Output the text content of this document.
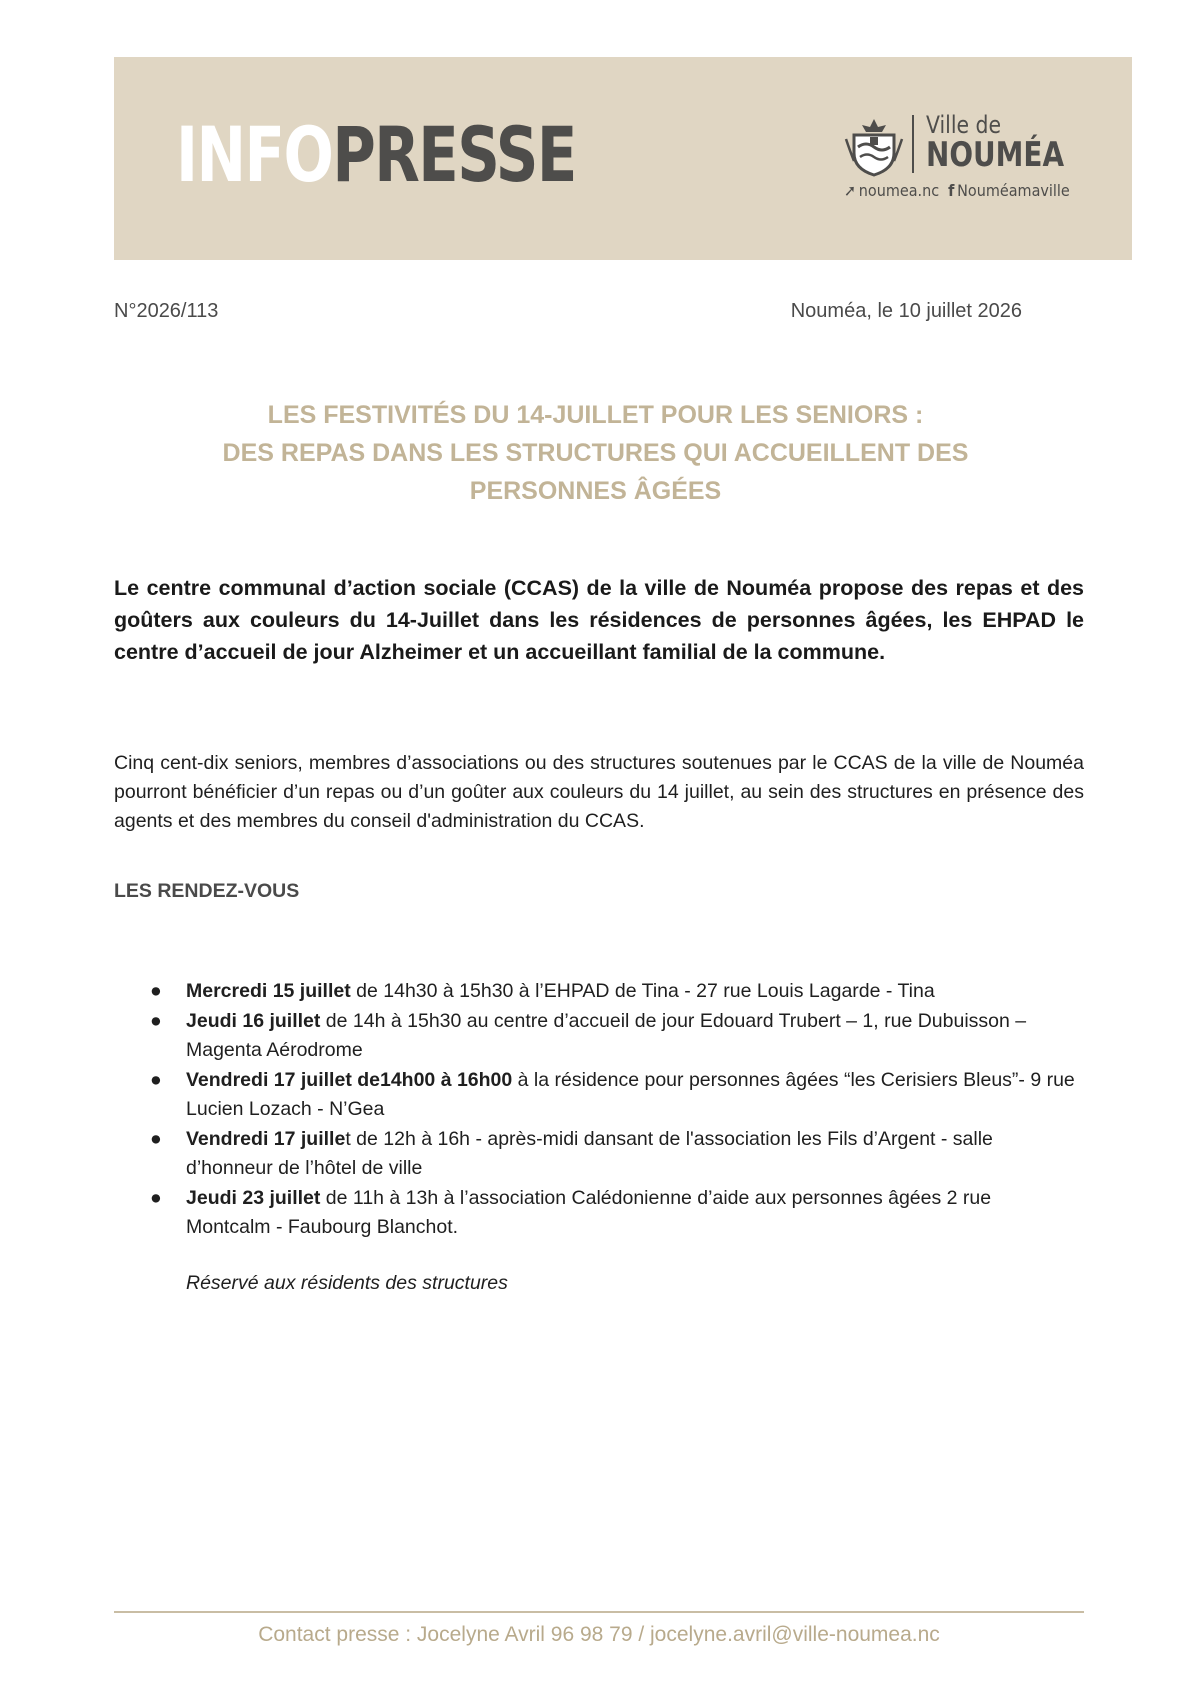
INFOPRESSE	Ville de
NOUMÉA
➚ noumea.nc f Nouméamaville
N°2026/113	Nouméa, le 10 juillet 2026
LES FESTIVITÉS DU 14-JUILLET POUR LES SENIORS :
DES REPAS DANS LES STRUCTURES QUI ACCUEILLENT DES
PERSONNES ÂGÉES
Le centre communal d’action sociale (CCAS) de la ville de Nouméa propose des repas et des goûters aux couleurs du 14-Juillet dans les résidences de personnes âgées, les EHPAD le centre d’accueil de jour Alzheimer et un accueillant familial de la commune.
Cinq cent-dix seniors, membres d’associations ou des structures soutenues par le CCAS de la ville de Nouméa pourront bénéficier d’un repas ou d’un goûter aux couleurs du 14 juillet, au sein des structures en présence des agents et des membres du conseil d'administration du CCAS.
LES RENDEZ-VOUS
● Mercredi 15 juillet de 14h30 à 15h30 à l’EHPAD de Tina - 27 rue Louis Lagarde - Tina
● Jeudi 16 juillet de 14h à 15h30 au centre d’accueil de jour Edouard Trubert – 1, rue Dubuisson – Magenta Aérodrome
● Vendredi 17 juillet de14h00 à 16h00 à la résidence pour personnes âgées “les Cerisiers Bleus”- 9 rue Lucien Lozach - N’Gea
● Vendredi 17 juillet de 12h à 16h - après-midi dansant de l'association les Fils d’Argent - salle d’honneur de l’hôtel de ville
● Jeudi 23 juillet de 11h à 13h à l’association Calédonienne d’aide aux personnes âgées 2 rue Montcalm - Faubourg Blanchot.
Réservé aux résidents des structures
Contact presse : Jocelyne Avril 96 98 79 / jocelyne.avril@ville-noumea.nc
